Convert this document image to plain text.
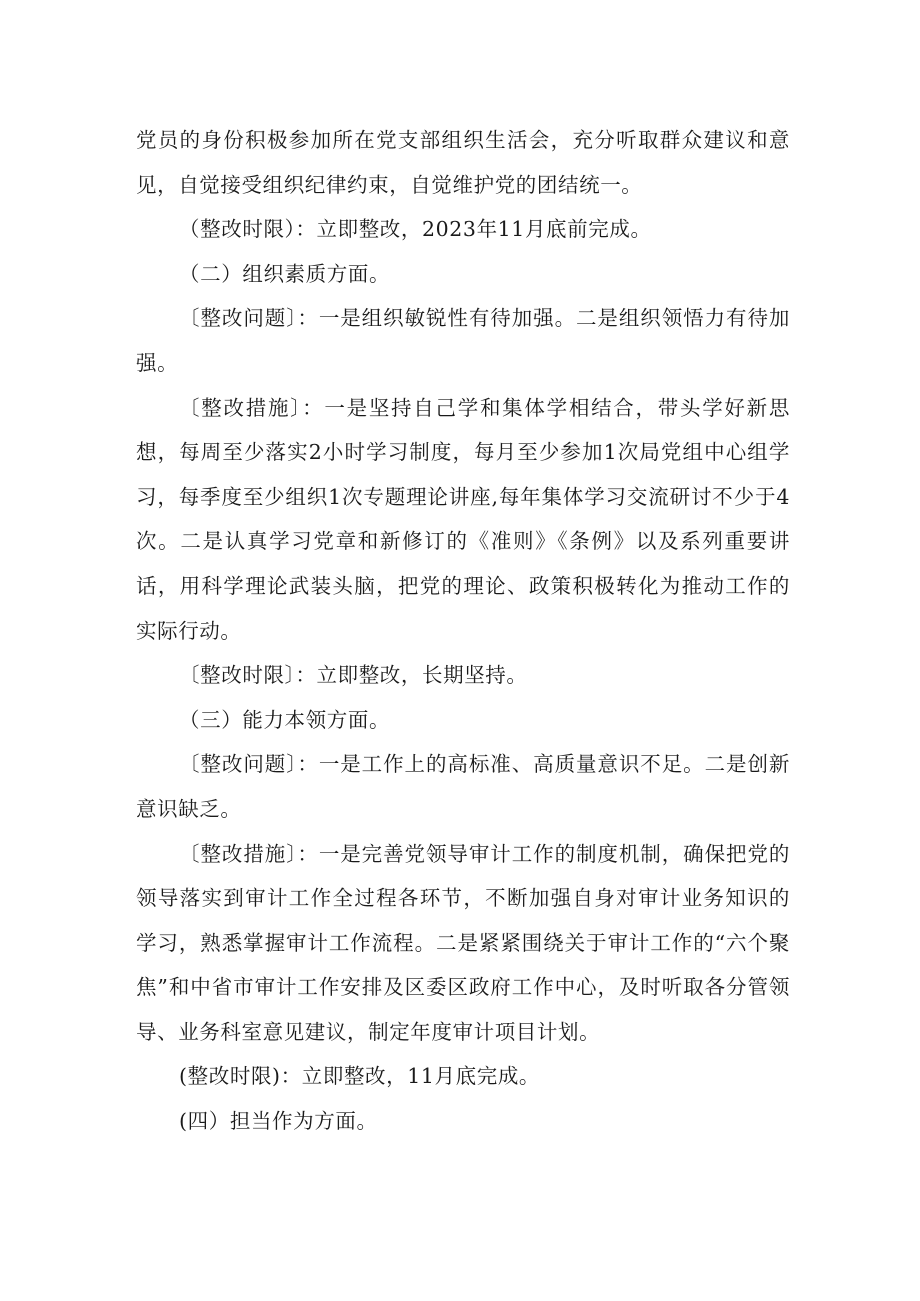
党员的身份积极参加所在党支部组织生活会，充分听取群众建议和意见，自觉接受组织纪律约束，自觉维护党的团结统一。

（整改时限）：立即整改，2023年11月底前完成。

（二）组织素质方面。

〔整改问题〕：一是组织敏锐性有待加强。二是组织领悟力有待加强。

〔整改措施〕：一是坚持自己学和集体学相结合，带头学好新思想，每周至少落实2小时学习制度，每月至少参加1次局党组中心组学习，每季度至少组织1次专题理论讲座,每年集体学习交流研讨不少于4次。二是认真学习党章和新修订的《准则》《条例》以及系列重要讲话，用科学理论武装头脑，把党的理论、政策积极转化为推动工作的实际行动。

〔整改时限〕：立即整改，长期坚持。

（三）能力本领方面。

〔整改问题〕：一是工作上的高标准、高质量意识不足。二是创新意识缺乏。

〔整改措施〕：一是完善党领导审计工作的制度机制，确保把党的领导落实到审计工作全过程各环节，不断加强自身对审计业务知识的学习，熟悉掌握审计工作流程。二是紧紧围绕关于审计工作的“六个聚焦”和中省市审计工作安排及区委区政府工作中心，及时听取各分管领导、业务科室意见建议，制定年度审计项目计划。

(整改时限)：立即整改，11月底完成。

(四）担当作为方面。
